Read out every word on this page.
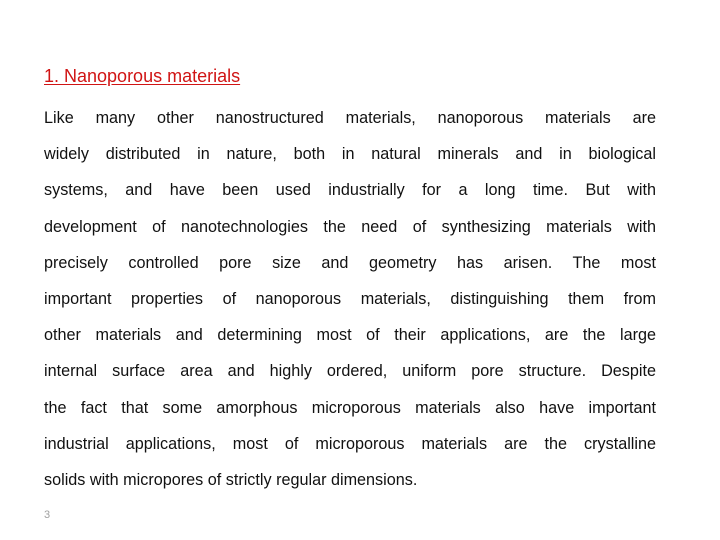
1. Nanoporous materials
Like many other nanostructured materials, nanoporous materials are
widely distributed in nature, both in natural minerals and in biological
systems, and have been used industrially for a long time. But with
development of nanotechnologies the need of synthesizing materials with
precisely controlled pore size and geometry has arisen. The most
important properties of nanoporous materials, distinguishing them from
other materials and determining most of their applications, are the large
internal surface area and highly ordered, uniform pore structure. Despite
the fact that some amorphous microporous materials also have important
industrial applications, most of microporous materials are the crystalline
solids with micropores of strictly regular dimensions.
3
